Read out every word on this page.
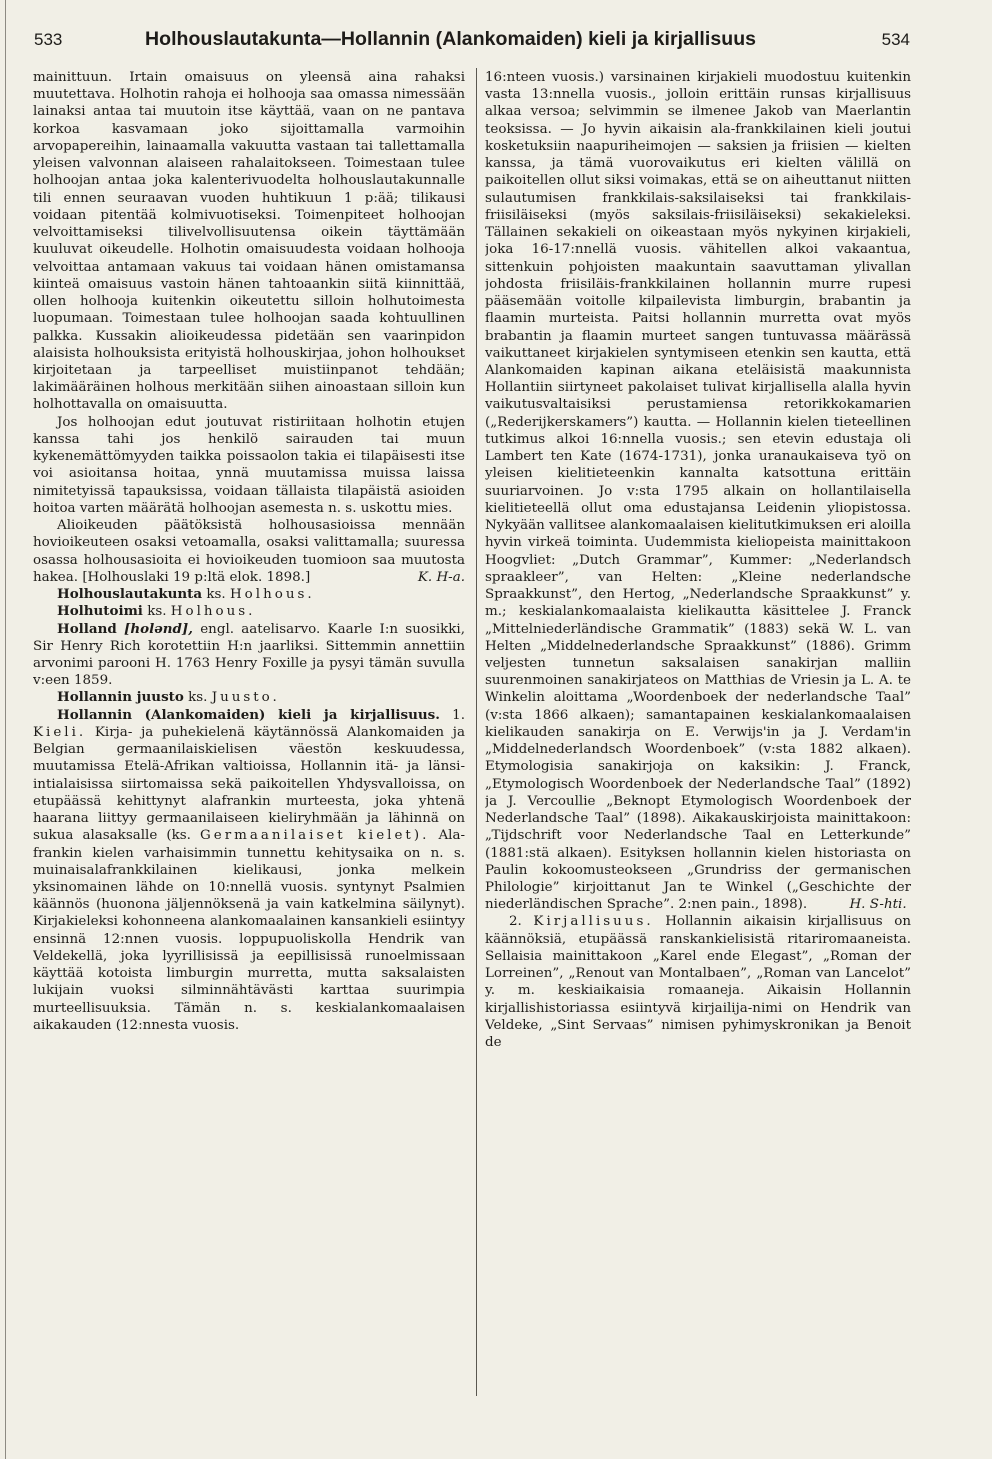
533	Holhouslautakunta—Hollannin (Alankomaiden) kieli ja kirjallisuus	534

mainittuun. Irtain omaisuus on yleensä aina rahaksi muutettava. Holhotin rahoja ei holhooja saa omassa nimessään lainaksi antaa tai muutoin itse käyttää, vaan on ne pantava korkoa kasvamaan joko sijoittamalla varmoihin arvopapereihin, lainaamalla vakuutta vastaan tai tallettamalla yleisen valvonnan alaiseen rahalaitokseen. Toimestaan tulee holhoojan antaa joka kalenterivuodelta holhouslautakunnalle tili ennen seuraavan vuoden huhtikuun 1 p:ää; tilikausi voidaan pitentää kolmivuotiseksi. Toimenpiteet holhoojan velvoittamiseksi tilivelvollisuutensa oikein täyttämään kuuluvat oikeudelle. Holhotin omaisuudesta voidaan holhooja velvoittaa antamaan vakuus tai voidaan hänen omistamansa kiinteä omaisuus vastoin hänen tahtoaankin siitä kiinnittää, ollen holhooja kuitenkin oikeutettu silloin holhutoimesta luopumaan. Toimestaan tulee holhoojan saada kohtuullinen palkka. Kussakin alioikeudessa pidetään sen vaarinpidon alaisista holhouksista erityistä holhouskirjaa, johon holhoukset kirjoitetaan ja tarpeelliset muistiinpanot tehdään; lakimääräinen holhous merkitään siihen ainoastaan silloin kun holhottavalla on omaisuutta.

Jos holhoojan edut joutuvat ristiriitaan holhotin etujen kanssa tahi jos henkilö sairauden tai muun kykenemättömyyden taikka poissaolon takia ei tilapäisesti itse voi asioitansa hoitaa, ynnä muutamissa muissa laissa nimitetyissä tapauksissa, voidaan tällaista tilapäistä asioiden hoitoa varten määrätä holhoojan asemesta n. s. uskottu mies.

Alioikeuden päätöksistä holhousasioissa mennään hovioikeuteen osaksi vetoamalla, osaksi valittamalla; suuressa osassa holhousasioita ei hovioikeuden tuomioon saa muutosta hakea. [Holhouslaki 19 p:ltä elok. 1898.]	K. H-a.

Holhouslautakunta ks. Holhous.

Holhutoimi ks. Holhous.

Holland [holənd], engl. aatelisarvo. Kaarle I:n suosikki, Sir Henry Rich korotettiin H:n jaarliksi. Sittemmin annettiin arvonimi parooni H. 1763 Henry Foxille ja pysyi tämän suvulla v:een 1859.

Hollannin juusto ks. Juusto.

Hollannin (Alankomaiden) kieli ja kirjallisuus. 1. Kieli. Kirja- ja puhekielenä käytännössä Alankomaiden ja Belgian germaanilaiskielisen väestön keskuudessa, muutamissa Etelä-Afrikan valtioissa, Hollannin itä- ja länsi-intialaisissa siirtomaissa sekä paikoitellen Yhdysvalloissa, on etupäässä kehittynyt alafrankin murteesta, joka yhtenä haarana liittyy germaanilaiseen kieliryhmään ja lähinnä on sukua alasaksalle (ks. Germaanilaiset kielet). Ala-frankin kielen varhaisimmin tunnettu kehitysaika on n. s. muinaisalafrankkilainen kielikausi, jonka melkein yksinomainen lähde on 10:nnellä vuosis. syntynyt Psalmien käännös (huonona jäljennöksenä ja vain katkelmina säilynyt). Kirjakieleksi kohonneena alankomaalainen kansankieli esiintyy ensinnä 12:nnen vuosis. loppupuoliskolla Hendrik van Veldekellä, joka lyyrillisissä ja eepillisissä runoelmissaan käyttää kotoista limburgin murretta, mutta saksalaisten lukijain vuoksi silminnähtävästi karttaa suurimpia murteellisuuksia. Tämän n. s. keskialankomaalaisen aikakauden (12:nnesta vuosis.

16:nteen vuosis.) varsinainen kirjakieli muodostuu kuitenkin vasta 13:nnella vuosis., jolloin erittäin runsas kirjallisuus alkaa versoa; selvimmin se ilmenee Jakob van Maerlantin teoksissa. — Jo hyvin aikaisin ala-frankkilainen kieli joutui kosketuksiin naapuriheimojen — saksien ja friisien — kielten kanssa, ja tämä vuorovaikutus eri kielten välillä on paikoitellen ollut siksi voimakas, että se on aiheuttanut niitten sulautumisen frankkilais-saksilaiseksi tai frankkilais-friisiläiseksi (myös saksilais-friisiläiseksi) sekakieleksi. Tällainen sekakieli on oikeastaan myös nykyinen kirjakieli, joka 16-17:nnellä vuosis. vähitellen alkoi vakaantua, sittenkuin pohjoisten maakuntain saavuttaman ylivallan johdosta friisiläis-frankkilainen hollannin murre rupesi pääsemään voitolle kilpailevista limburgin, brabantin ja flaamin murteista. Paitsi hollannin murretta ovat myös brabantin ja flaamin murteet sangen tuntuvassa määrässä vaikuttaneet kirjakielen syntymiseen etenkin sen kautta, että Alankomaiden kapinan aikana eteläisistä maakunnista Hollantiin siirtyneet pakolaiset tulivat kirjallisella alalla hyvin vaikutusvaltaisiksi perustamiensa retorikkokamarien („Rederijkerskamers”) kautta. — Hollannin kielen tieteellinen tutkimus alkoi 16:nnella vuosis.; sen etevin edustaja oli Lambert ten Kate (1674-1731), jonka uranaukaiseva työ on yleisen kielitieteenkin kannalta katsottuna erittäin suuriarvoinen. Jo v:sta 1795 alkain on hollantilaisella kielitieteellä ollut oma edustajansa Leidenin yliopistossa. Nykyään vallitsee alankomaalaisen kielitutkimuksen eri aloilla hyvin virkeä toiminta. Uudemmista kieliopeista mainittakoon Hoogvliet: „Dutch Grammar”, Kummer: „Nederlandsch spraakleer”, van Helten: „Kleine nederlandsche Spraakkunst”, den Hertog, „Nederlandsche Spraakkunst” y. m.; keskialankomaalaista kielikautta käsittelee J. Franck „Mittelniederländische Grammatik” (1883) sekä W. L. van Helten „Middelnederlandsche Spraakkunst” (1886). Grimm veljesten tunnetun saksalaisen sanakirjan malliin suurenmoinen sanakirjateos on Matthias de Vriesin ja L. A. te Winkelin aloittama „Woordenboek der nederlandsche Taal” (v:sta 1866 alkaen); samantapainen keskialankomaalaisen kielikauden sanakirja on E. Verwijs'in ja J. Verdam'in „Middelnederlandsch Woordenboek” (v:sta 1882 alkaen). Etymologisia sanakirjoja on kaksikin: J. Franck, „Etymologisch Woordenboek der Nederlandsche Taal” (1892) ja J. Vercoullie „Beknopt Etymologisch Woordenboek der Nederlandsche Taal” (1898). Aikakauskirjoista mainittakoon: „Tijdschrift voor Nederlandsche Taal en Letterkunde” (1881:stä alkaen). Esityksen hollannin kielen historiasta on Paulin kokoomusteokseen „Grundriss der germanischen Philologie” kirjoittanut Jan te Winkel („Geschichte der niederländischen Sprache”. 2:nen pain., 1898).	H. S-hti.

2. Kirjallisuus. Hollannin aikaisin kirjallisuus on käännöksiä, etupäässä ranskankielisistä ritariromaaneista. Sellaisia mainittakoon „Karel ende Elegast”, „Roman der Lorreinen”, „Renout van Montalbaen”, „Roman van Lancelot” y. m. keskiaikaisia romaaneja. Aikaisin Hollannin kirjallishistoriassa esiintyvä kirjailija-nimi on Hendrik van Veldeke, „Sint Servaas” nimisen pyhimyskronikan ja Benoit de
